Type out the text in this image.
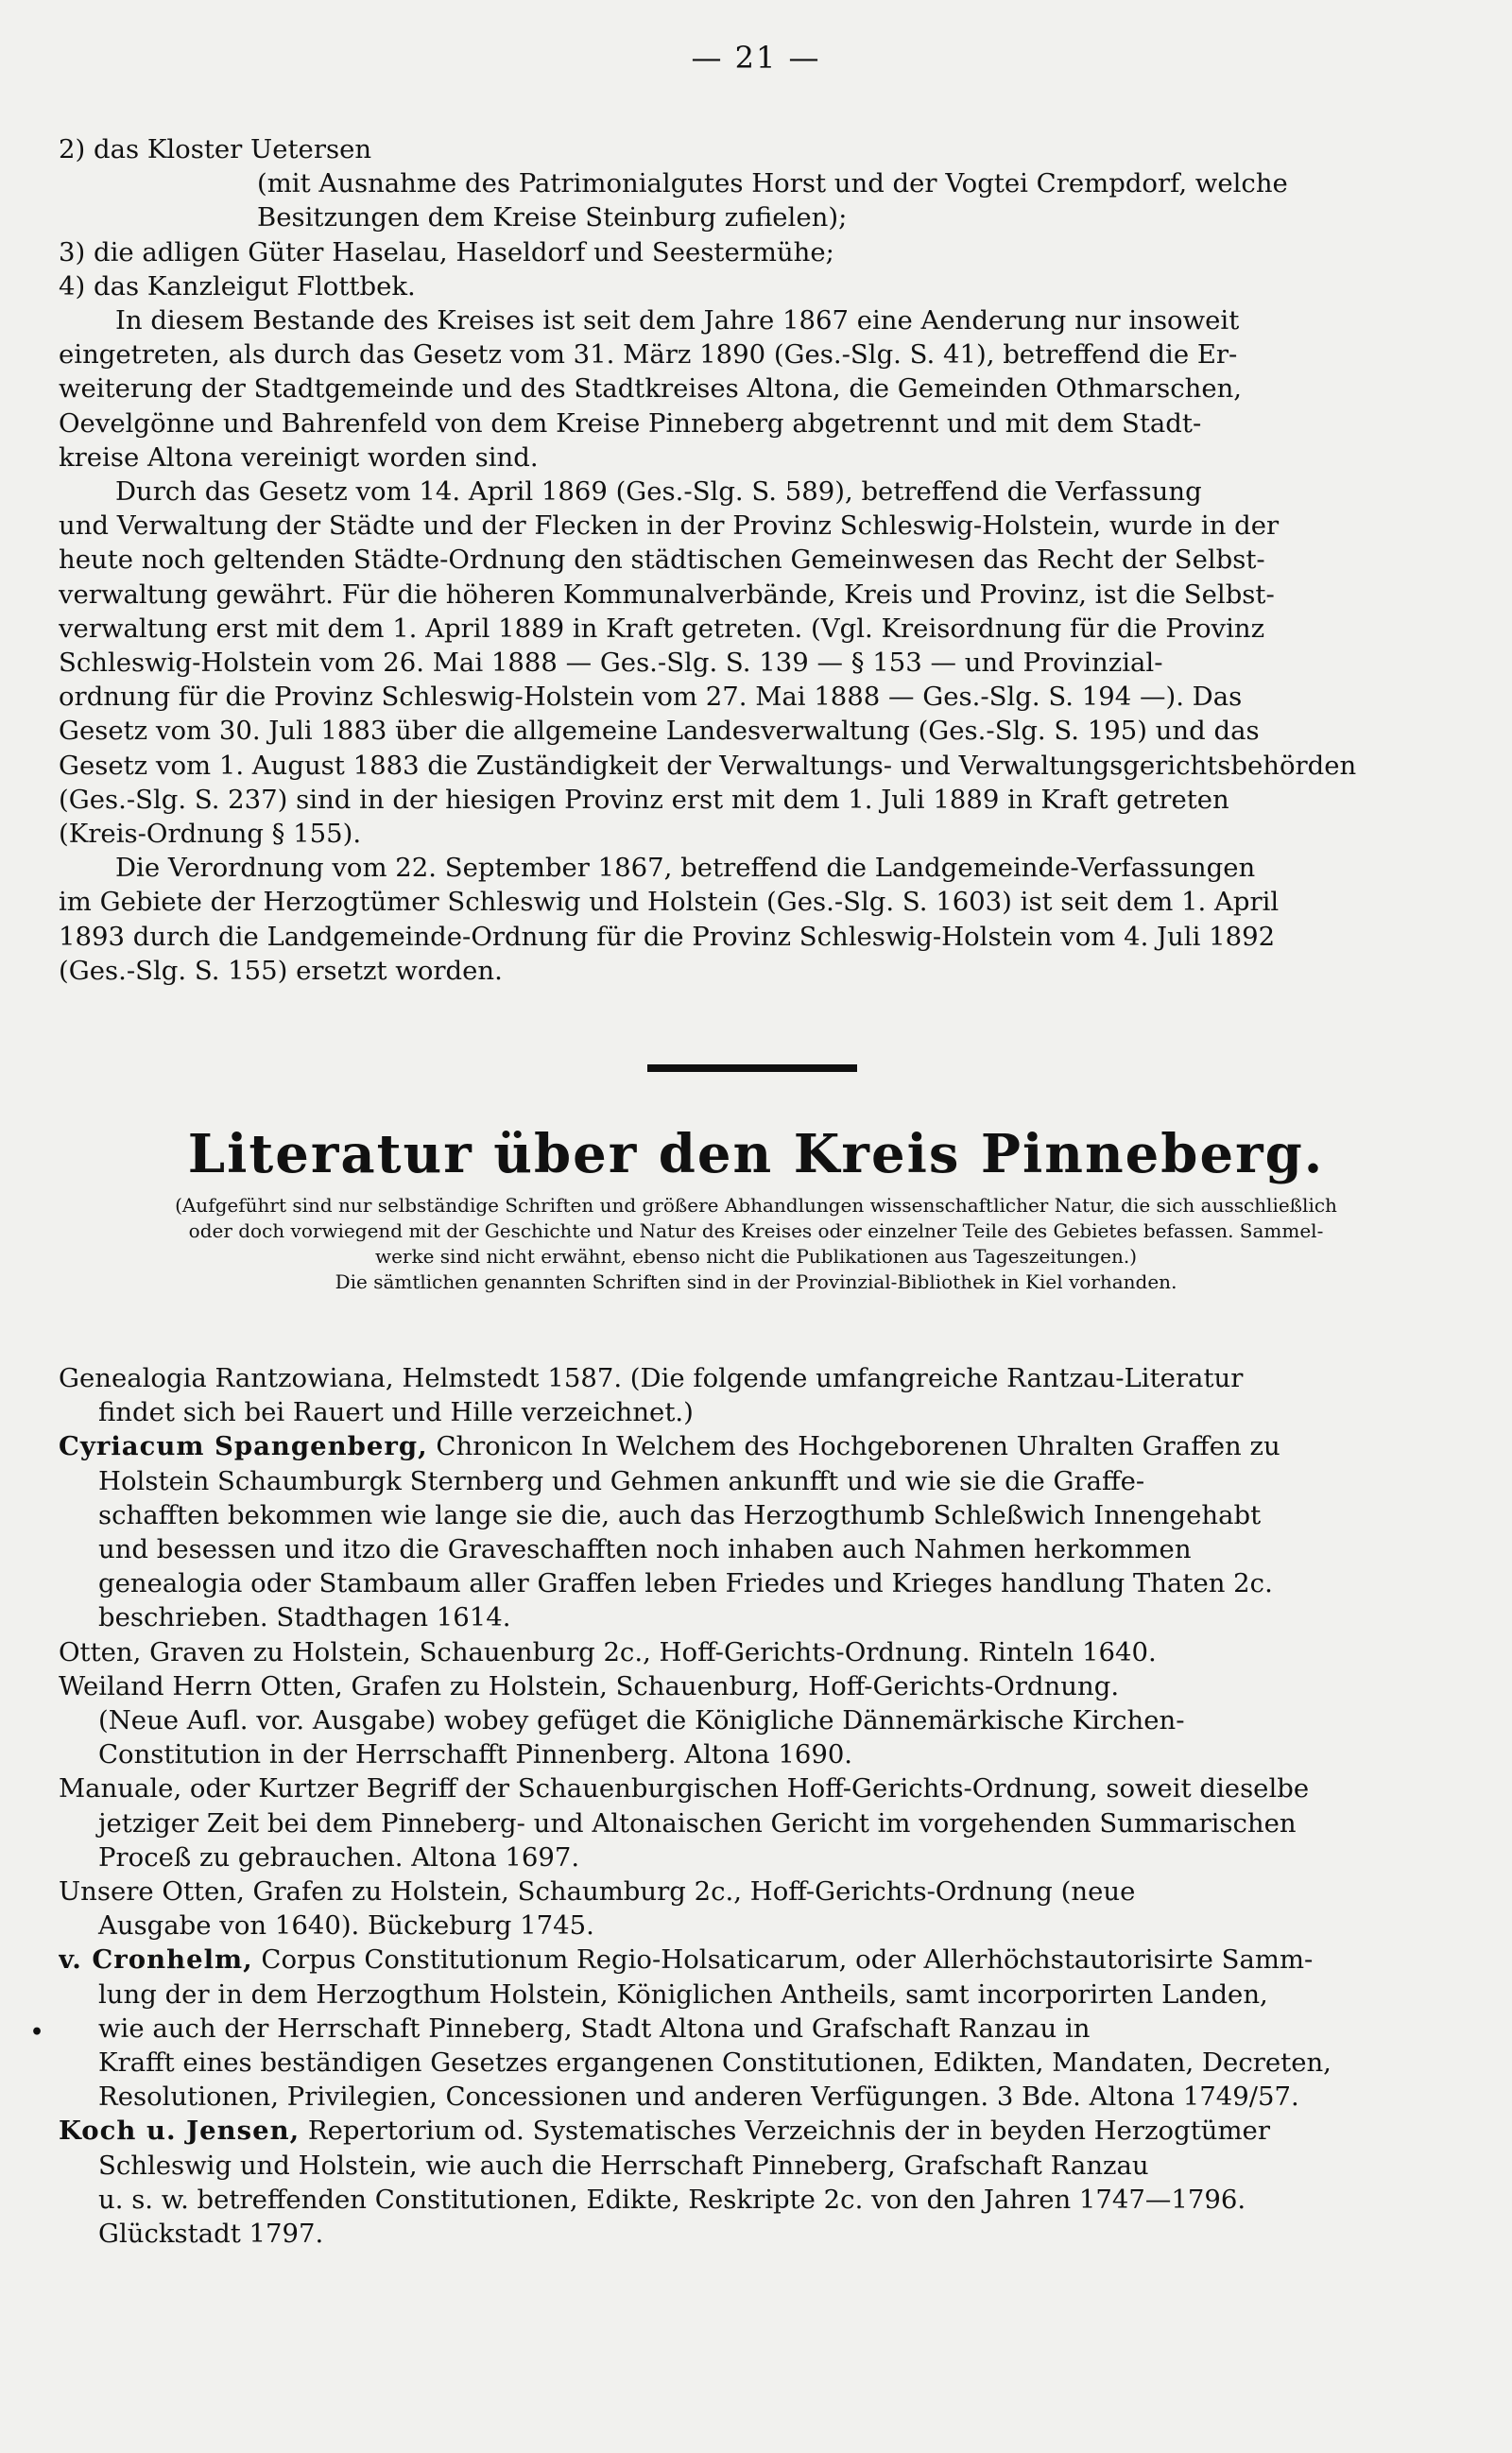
— 21 —
2) das Kloster Uetersen
(mit Ausnahme des Patrimonialgutes Horst und der Vogtei Crempdorf, welche
Besitzungen dem Kreise Steinburg zufielen);
3) die adligen Güter Haselau, Haseldorf und Seestermühe;
4) das Kanzleigut Flottbek.
In diesem Bestande des Kreises ist seit dem Jahre 1867 eine Aenderung nur insoweit
eingetreten, als durch das Gesetz vom 31. März 1890 (Ges.-Slg. S. 41), betreffend die Er-
weiterung der Stadtgemeinde und des Stadtkreises Altona, die Gemeinden Othmarschen,
Oevelgönne und Bahrenfeld von dem Kreise Pinneberg abgetrennt und mit dem Stadt-
kreise Altona vereinigt worden sind.
Durch das Gesetz vom 14. April 1869 (Ges.-Slg. S. 589), betreffend die Verfassung
und Verwaltung der Städte und der Flecken in der Provinz Schleswig-Holstein, wurde in der
heute noch geltenden Städte-Ordnung den städtischen Gemeinwesen das Recht der Selbst-
verwaltung gewährt. Für die höheren Kommunalverbände, Kreis und Provinz, ist die Selbst-
verwaltung erst mit dem 1. April 1889 in Kraft getreten. (Vgl. Kreisordnung für die Provinz
Schleswig-Holstein vom 26. Mai 1888 — Ges.-Slg. S. 139 — § 153 — und Provinzial-
ordnung für die Provinz Schleswig-Holstein vom 27. Mai 1888 — Ges.-Slg. S. 194 —). Das
Gesetz vom 30. Juli 1883 über die allgemeine Landesverwaltung (Ges.-Slg. S. 195) und das
Gesetz vom 1. August 1883 die Zuständigkeit der Verwaltungs- und Verwaltungsgerichtsbehörden
(Ges.-Slg. S. 237) sind in der hiesigen Provinz erst mit dem 1. Juli 1889 in Kraft getreten
(Kreis-Ordnung § 155).
Die Verordnung vom 22. September 1867, betreffend die Landgemeinde-Verfassungen
im Gebiete der Herzogtümer Schleswig und Holstein (Ges.-Slg. S. 1603) ist seit dem 1. April
1893 durch die Landgemeinde-Ordnung für die Provinz Schleswig-Holstein vom 4. Juli 1892
(Ges.-Slg. S. 155) ersetzt worden.
Literatur über den Kreis Pinneberg.
(Aufgeführt sind nur selbständige Schriften und größere Abhandlungen wissenschaftlicher Natur, die sich ausschließlich
oder doch vorwiegend mit der Geschichte und Natur des Kreises oder einzelner Teile des Gebietes befassen. Sammel-
werke sind nicht erwähnt, ebenso nicht die Publikationen aus Tageszeitungen.)
Die sämtlichen genannten Schriften sind in der Provinzial-Bibliothek in Kiel vorhanden.
Genealogia Rantzowiana, Helmstedt 1587. (Die folgende umfangreiche Rantzau-Literatur
findet sich bei Rauert und Hille verzeichnet.)
Cyriacum Spangenberg, Chronicon In Welchem des Hochgeborenen Uhralten Graffen zu
Holstein Schaumburgk Sternberg und Gehmen ankunfft und wie sie die Graffe-
schafften bekommen wie lange sie die, auch das Herzogthumb Schleßwich Innengehabt
und besessen und itzo die Graveschafften noch inhaben auch Nahmen herkommen
genealogia oder Stambaum aller Graffen leben Friedes und Krieges handlung Thaten 2c.
beschrieben. Stadthagen 1614.
Otten, Graven zu Holstein, Schauenburg 2c., Hoff-Gerichts-Ordnung. Rinteln 1640.
Weiland Herrn Otten, Grafen zu Holstein, Schauenburg, Hoff-Gerichts-Ordnung.
(Neue Aufl. vor. Ausgabe) wobey gefüget die Königliche Dännemärkische Kirchen-
Constitution in der Herrschafft Pinnenberg. Altona 1690.
Manuale, oder Kurtzer Begriff der Schauenburgischen Hoff-Gerichts-Ordnung, soweit dieselbe
jetziger Zeit bei dem Pinneberg- und Altonaischen Gericht im vorgehenden Summarischen
Proceß zu gebrauchen. Altona 1697.
Unsere Otten, Grafen zu Holstein, Schaumburg 2c., Hoff-Gerichts-Ordnung (neue
Ausgabe von 1640). Bückeburg 1745.
v. Cronhelm, Corpus Constitutionum Regio-Holsaticarum, oder Allerhöchstautorisirte Samm-
lung der in dem Herzogthum Holstein, Königlichen Antheils, samt incorporirten Landen,
wie auch der Herrschaft Pinneberg, Stadt Altona und Grafschaft Ranzau in
Krafft eines beständigen Gesetzes ergangenen Constitutionen, Edikten, Mandaten, Decreten,
Resolutionen, Privilegien, Concessionen und anderen Verfügungen. 3 Bde. Altona 1749/57.
Koch u. Jensen, Repertorium od. Systematisches Verzeichnis der in beyden Herzogtümer
Schleswig und Holstein, wie auch die Herrschaft Pinneberg, Grafschaft Ranzau
u. s. w. betreffenden Constitutionen, Edikte, Reskripte 2c. von den Jahren 1747—1796.
Glückstadt 1797.
•
